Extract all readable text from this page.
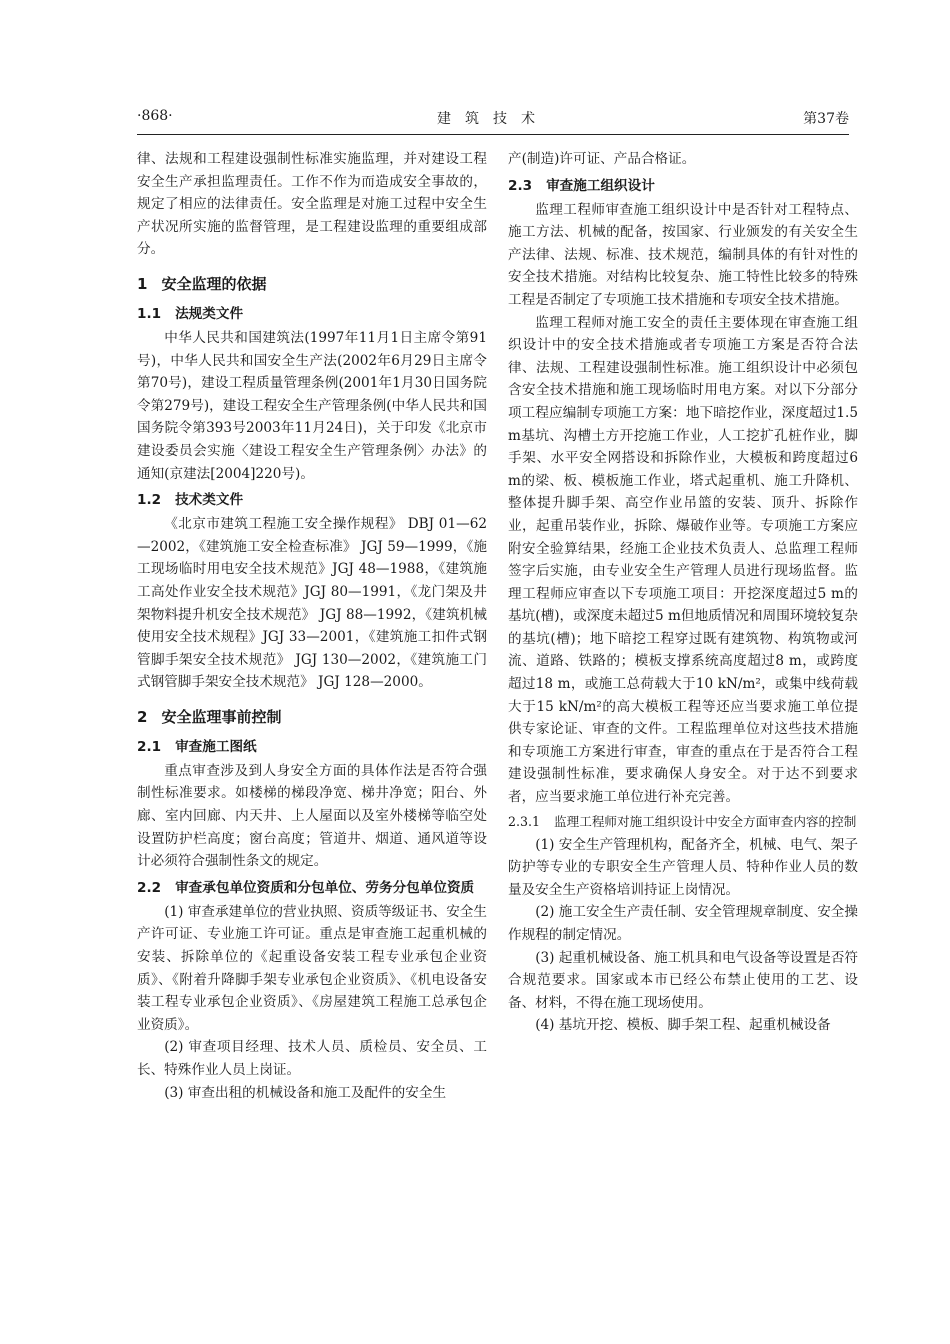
·868·	建筑技术	第37卷

律、法规和工程建设强制性标准实施监理，并对建设工程安全生产承担监理责任。工作不作为而造成安全事故的，规定了相应的法律责任。安全监理是对施工过程中安全生产状况所实施的监督管理，是工程建设监理的重要组成部分。

1 安全监理的依据
1.1 法规类文件

中华人民共和国建筑法(1997年11月1日主席令第91号)，中华人民共和国安全生产法(2002年6月29日主席令第70号)，建设工程质量管理条例(2001年1月30日国务院令第279号)，建设工程安全生产管理条例(中华人民共和国国务院令第393号2003年11月24日)，关于印发《北京市建设委员会实施〈建设工程安全生产管理条例〉办法》的通知(京建法[2004]220号)。

1.2 技术类文件

《北京市建筑工程施工安全操作规程》 DBJ 01—62—2002，《建筑施工安全检查标准》 JGJ 59—1999，《施工现场临时用电安全技术规范》JGJ 48—1988，《建筑施工高处作业安全技术规范》JGJ 80—1991，《龙门架及井架物料提升机安全技术规范》 JGJ 88—1992，《建筑机械使用安全技术规程》JGJ 33—2001，《建筑施工扣件式钢管脚手架安全技术规范》 JGJ 130—2002，《建筑施工门式钢管脚手架安全技术规范》 JGJ 128—2000。

2 安全监理事前控制
2.1 审查施工图纸

重点审查涉及到人身安全方面的具体作法是否符合强制性标准要求。如楼梯的梯段净宽、梯井净宽；阳台、外廊、室内回廊、内天井、上人屋面以及室外楼梯等临空处设置防护栏高度；窗台高度；管道井、烟道、通风道等设计必须符合强制性条文的规定。

2.2 审查承包单位资质和分包单位、劳务分包单位资质

(1) 审查承建单位的营业执照、资质等级证书、安全生产许可证、专业施工许可证。重点是审查施工起重机械的安装、拆除单位的《起重设备安装工程专业承包企业资质》、《附着升降脚手架专业承包企业资质》、《机电设备安装工程专业承包企业资质》、《房屋建筑工程施工总承包企业资质》。

(2) 审查项目经理、技术人员、质检员、安全员、工长、特殊作业人员上岗证。

(3) 审查出租的机械设备和施工及配件的安全生

产(制造)许可证、产品合格证。

2.3 审查施工组织设计

监理工程师审查施工组织设计中是否针对工程特点、施工方法、机械的配备，按国家、行业颁发的有关安全生产法律、法规、标准、技术规范，编制具体的有针对性的安全技术措施。对结构比较复杂、施工特性比较多的特殊工程是否制定了专项施工技术措施和专项安全技术措施。

监理工程师对施工安全的责任主要体现在审查施工组织设计中的安全技术措施或者专项施工方案是否符合法律、法规、工程建设强制性标准。施工组织设计中必须包含安全技术措施和施工现场临时用电方案。对以下分部分项工程应编制专项施工方案：地下暗挖作业，深度超过1.5 m基坑、沟槽土方开挖施工作业，人工挖扩孔桩作业，脚手架、水平安全网搭设和拆除作业，大模板和跨度超过6 m的梁、板、模板施工作业，塔式起重机、施工升降机、整体提升脚手架、高空作业吊篮的安装、顶升、拆除作业，起重吊装作业，拆除、爆破作业等。专项施工方案应附安全验算结果，经施工企业技术负责人、总监理工程师签字后实施，由专业安全生产管理人员进行现场监督。监理工程师应审查以下专项施工项目：开挖深度超过5 m的基坑(槽)，或深度未超过5 m但地质情况和周围环境较复杂的基坑(槽)；地下暗挖工程穿过既有建筑物、构筑物或河流、道路、铁路的；模板支撑系统高度超过8 m，或跨度超过18 m，或施工总荷载大于10 kN/m²，或集中线荷载大于15 kN/m²的高大模板工程等还应当要求施工单位提供专家论证、审查的文件。工程监理单位对这些技术措施和专项施工方案进行审查，审查的重点在于是否符合工程建设强制性标准，要求确保人身安全。对于达不到要求者，应当要求施工单位进行补充完善。

2.3.1 监理工程师对施工组织设计中安全方面审查内容的控制

(1) 安全生产管理机构，配备齐全，机械、电气、架子防护等专业的专职安全生产管理人员、特种作业人员的数量及安全生产资格培训持证上岗情况。

(2) 施工安全生产责任制、安全管理规章制度、安全操作规程的制定情况。

(3) 起重机械设备、施工机具和电气设备等设置是否符合规范要求。国家或本市已经公布禁止使用的工艺、设备、材料，不得在施工现场使用。

(4) 基坑开挖、模板、脚手架工程、起重机械设备
